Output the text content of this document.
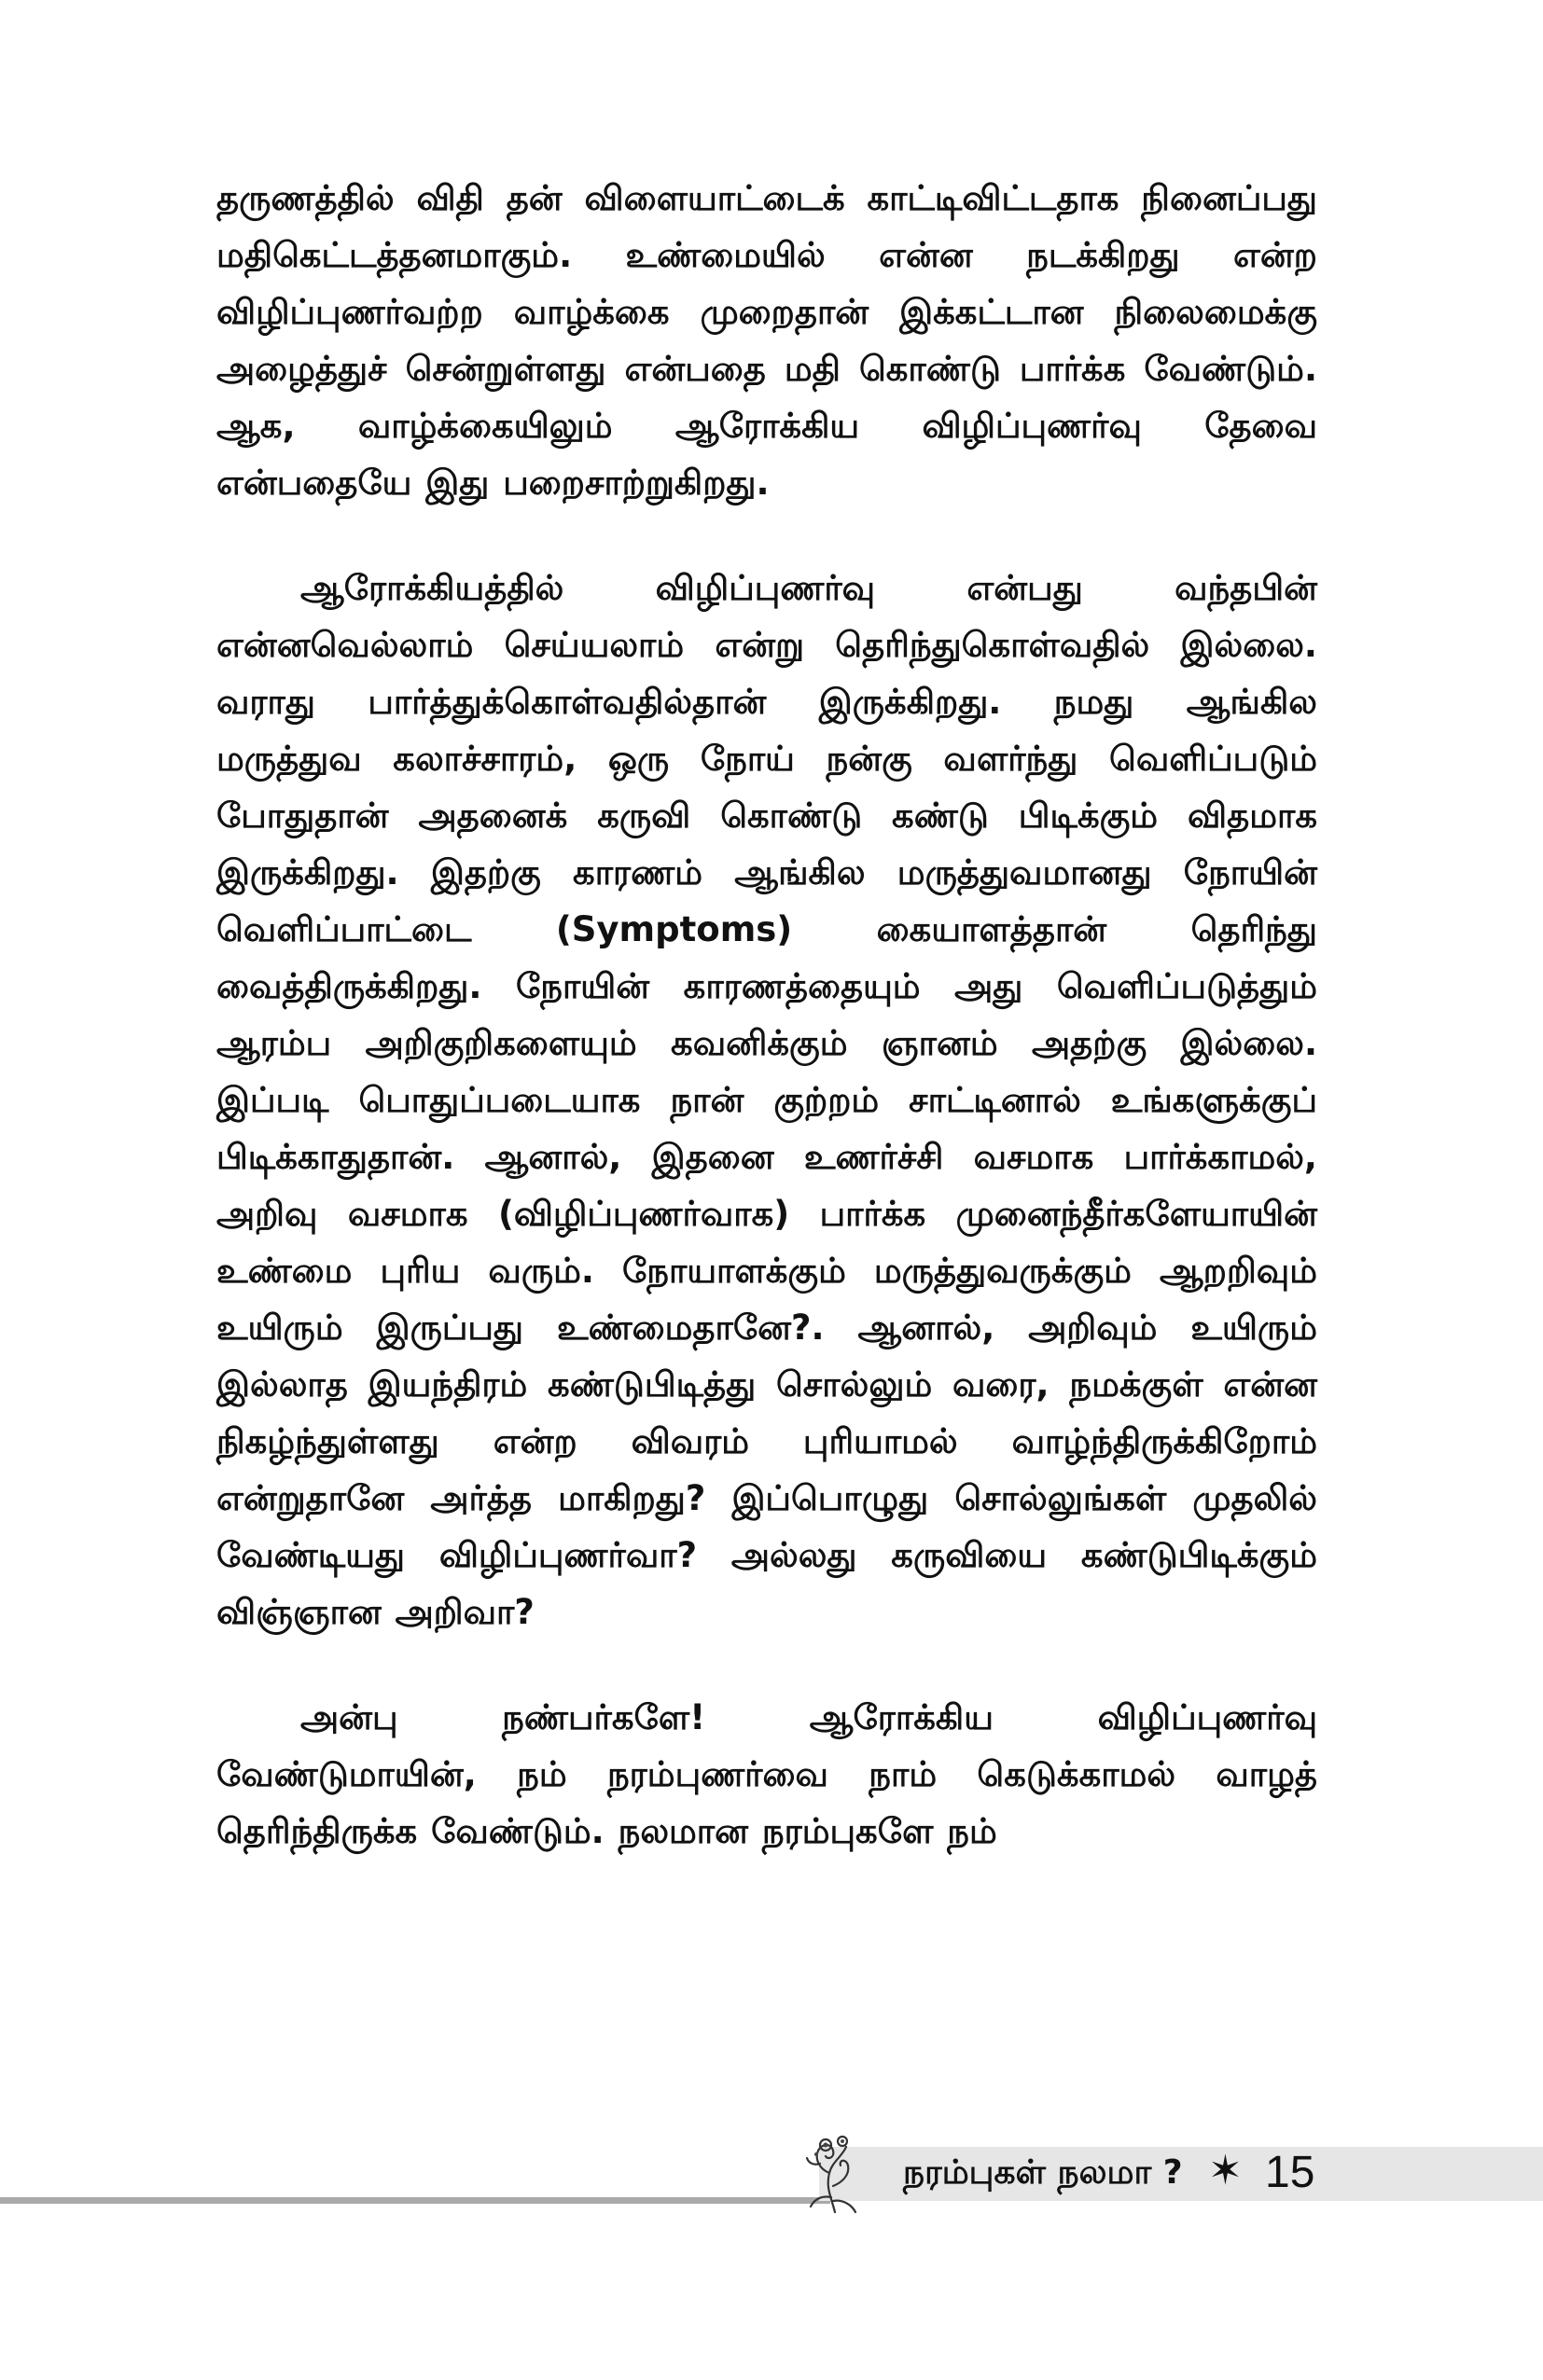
தருணத்தில் விதி தன் விளையாட்டைக் காட்டிவிட்டதாக நினைப்பது மதிகெட்டத்தனமாகும். உண்மையில் என்ன நடக்கிறது என்ற விழிப்புணர்வற்ற வாழ்க்கை முறைதான் இக்கட்டான நிலைமைக்கு அழைத்துச் சென்றுள்ளது என்பதை மதி கொண்டு பார்க்க வேண்டும். ஆக, வாழ்க்கையிலும் ஆரோக்கிய விழிப்புணர்வு தேவை என்பதையே இது பறைசாற்றுகிறது.

ஆரோக்கியத்தில் விழிப்புணர்வு என்பது வந்தபின் என்னவெல்லாம் செய்யலாம் என்று தெரிந்துகொள்வதில் இல்லை. வராது பார்த்துக்கொள்வதில்தான் இருக்கிறது. நமது ஆங்கில மருத்துவ கலாச்சாரம், ஒரு நோய் நன்கு வளர்ந்து வெளிப்படும் போதுதான் அதனைக் கருவி கொண்டு கண்டு பிடிக்கும் விதமாக இருக்கிறது. இதற்கு காரணம் ஆங்கில மருத்துவமானது நோயின் வெளிப்பாட்டை (Symptoms) கையாளத்தான் தெரிந்து வைத்திருக்கிறது. நோயின் காரணத்தையும் அது வெளிப்படுத்தும் ஆரம்ப அறிகுறிகளையும் கவனிக்கும் ஞானம் அதற்கு இல்லை. இப்படி பொதுப்படையாக நான் குற்றம் சாட்டினால் உங்களுக்குப் பிடிக்காதுதான். ஆனால், இதனை உணர்ச்சி வசமாக பார்க்காமல், அறிவு வசமாக (விழிப்புணர்வாக) பார்க்க முனைந்தீர்களேயாயின் உண்மை புரிய வரும். நோயாளக்கும் மருத்துவருக்கும் ஆறறிவும் உயிரும் இருப்பது உண்மைதானே?. ஆனால், அறிவும் உயிரும் இல்லாத இயந்திரம் கண்டுபிடித்து சொல்லும் வரை, நமக்குள் என்ன நிகழ்ந்துள்ளது என்ற விவரம் புரியாமல் வாழ்ந்திருக்கிறோம் என்றுதானே அர்த்த மாகிறது? இப்பொழுது சொல்லுங்கள் முதலில் வேண்டியது விழிப்புணர்வா? அல்லது கருவியை கண்டுபிடிக்கும் விஞ்ஞான அறிவா?

அன்பு நண்பர்களே! ஆரோக்கிய விழிப்புணர்வு வேண்டுமாயின், நம் நரம்புணர்வை நாம் கெடுக்காமல் வாழத் தெரிந்திருக்க வேண்டும். நலமான நரம்புகளே நம்

நரம்புகள் நலமா ? ✶ 15
